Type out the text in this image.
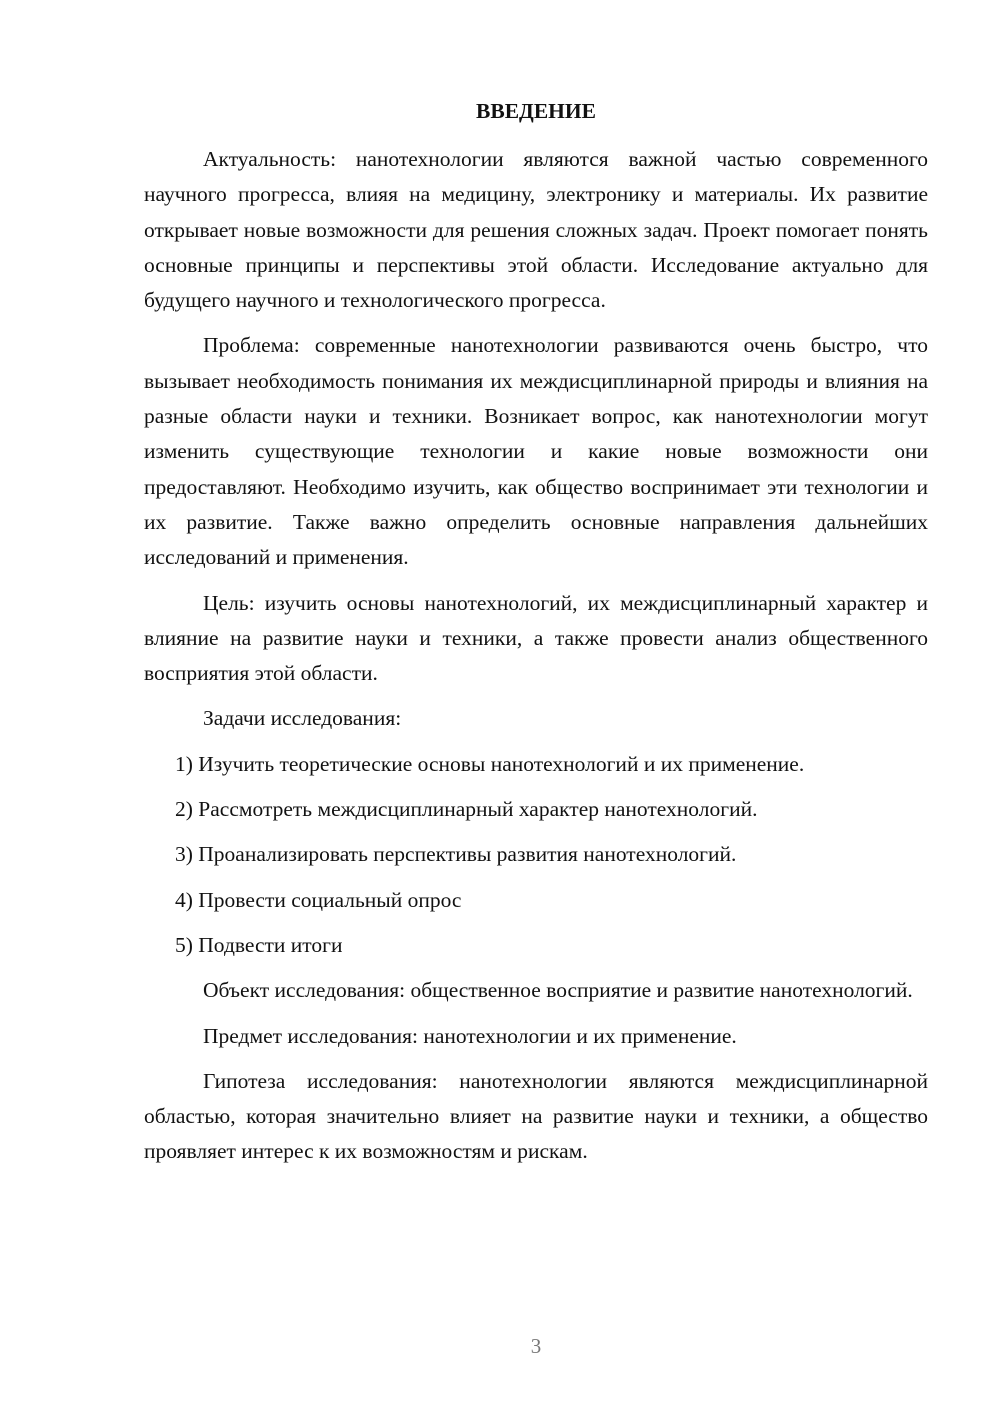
ВВЕДЕНИЕ

Актуальность: нанотехнологии являются важной частью современного научного прогресса, влияя на медицину, электронику и материалы. Их развитие открывает новые возможности для решения сложных задач. Проект помогает понять основные принципы и перспективы этой области. Исследование актуально для будущего научного и технологического прогресса.

Проблема: современные нанотехнологии развиваются очень быстро, что вызывает необходимость понимания их междисциплинарной природы и влияния на разные области науки и техники. Возникает вопрос, как нанотехнологии могут изменить существующие технологии и какие новые возможности они предоставляют. Необходимо изучить, как общество воспринимает эти технологии и их развитие. Также важно определить основные направления дальнейших исследований и применения.

Цель: изучить основы нанотехнологий, их междисциплинарный характер и влияние на развитие науки и техники, а также провести анализ общественного восприятия этой области.

Задачи исследования:

1) Изучить теоретические основы нанотехнологий и их применение.
2) Рассмотреть междисциплинарный характер нанотехнологий.
3) Проанализировать перспективы развития нанотехнологий.
4) Провести социальный опрос
5) Подвести итоги

Объект исследования: общественное восприятие и развитие нанотехнологий.

Предмет исследования: нанотехнологии и их применение.

Гипотеза исследования: нанотехнологии являются междисциплинарной областью, которая значительно влияет на развитие науки и техники, а общество проявляет интерес к их возможностям и рискам.

3
